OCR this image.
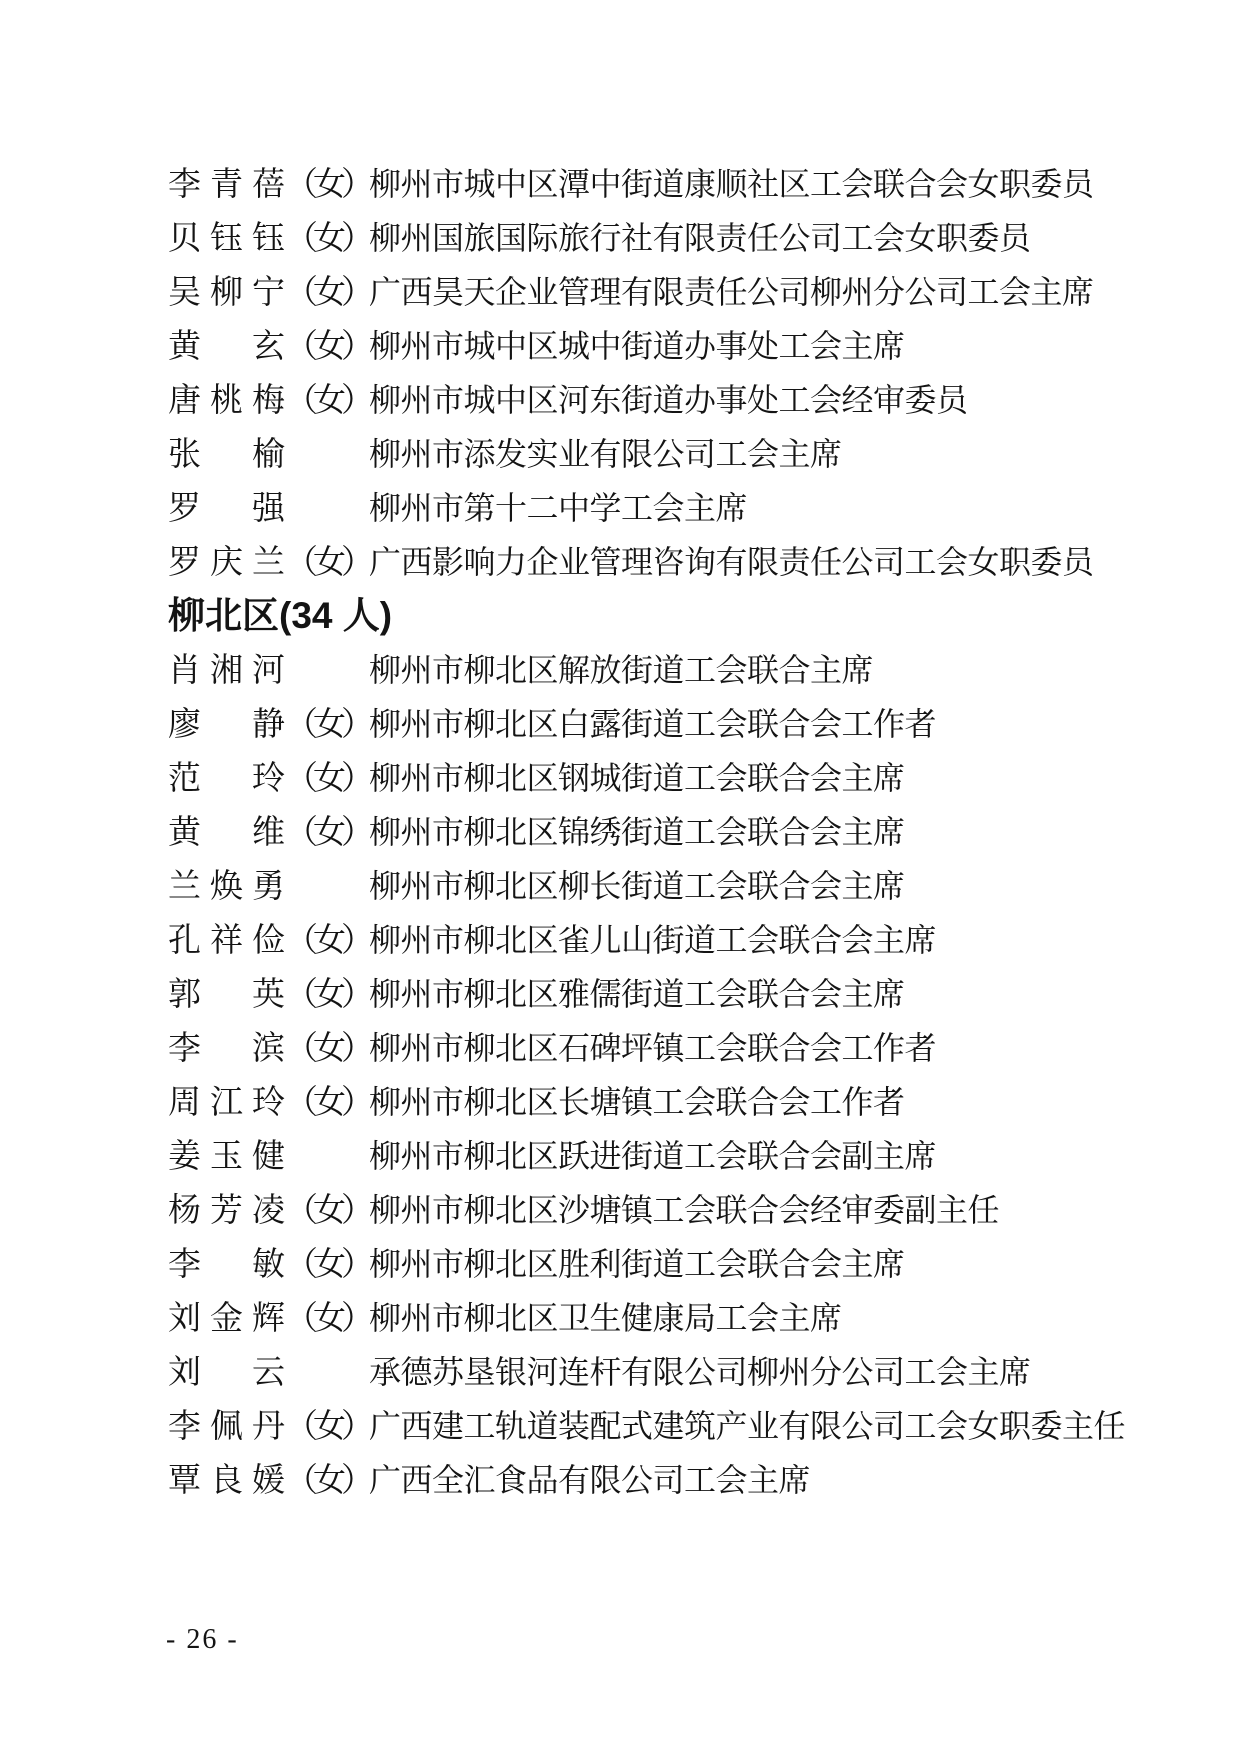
李青蓓 （女） 柳州市城中区潭中街道康顺社区工会联合会女职委员
贝钰钰 （女） 柳州国旅国际旅行社有限责任公司工会女职委员
吴柳宁 （女） 广西昊天企业管理有限责任公司柳州分公司工会主席
黄　玄 （女） 柳州市城中区城中街道办事处工会主席
唐桃梅 （女） 柳州市城中区河东街道办事处工会经审委员
张　榆	柳州市添发实业有限公司工会主席
罗　强	柳州市第十二中学工会主席
罗庆兰 （女） 广西影响力企业管理咨询有限责任公司工会女职委员
柳北区(34 人)
肖湘河	柳州市柳北区解放街道工会联合主席
廖　静 （女） 柳州市柳北区白露街道工会联合会工作者
范　玲 （女） 柳州市柳北区钢城街道工会联合会主席
黄　维 （女） 柳州市柳北区锦绣街道工会联合会主席
兰焕勇	柳州市柳北区柳长街道工会联合会主席
孔祥俭 （女） 柳州市柳北区雀儿山街道工会联合会主席
郭　英 （女） 柳州市柳北区雅儒街道工会联合会主席
李　滨 （女） 柳州市柳北区石碑坪镇工会联合会工作者
周江玲 （女） 柳州市柳北区长塘镇工会联合会工作者
姜玉健	柳州市柳北区跃进街道工会联合会副主席
杨芳凌 （女） 柳州市柳北区沙塘镇工会联合会经审委副主任
李　敏 （女） 柳州市柳北区胜利街道工会联合会主席
刘金辉 （女） 柳州市柳北区卫生健康局工会主席
刘　云	承德苏垦银河连杆有限公司柳州分公司工会主席
李佩丹 （女） 广西建工轨道装配式建筑产业有限公司工会女职委主任
覃良媛 （女） 广西全汇食品有限公司工会主席
- 26 -
